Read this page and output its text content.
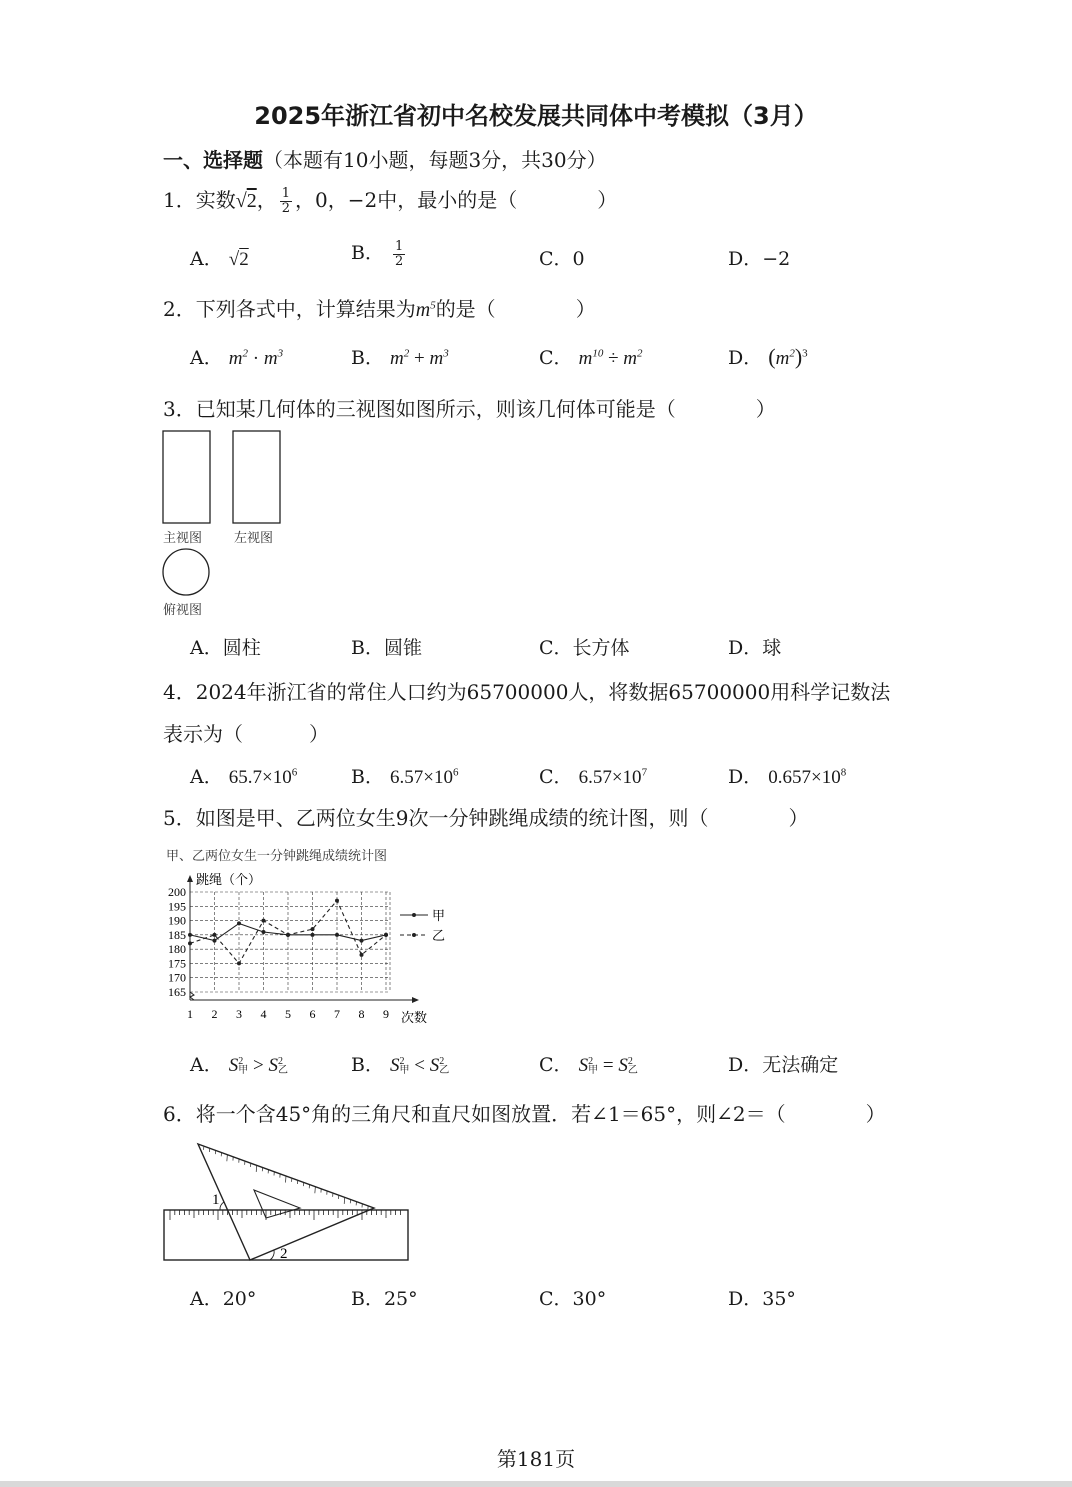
2025年浙江省初中名校发展共同体中考模拟（3月）
一、选择题（本题有10小题，每题3分，共30分）
1．实数√2， $\frac{1}{2}$ ，0，−2中，最小的是（	）
A． √2	B． $\frac{1}{2}$	C．0	D．−2
2．下列各式中，计算结果为$m^5$的是（	）
A． $m^2 \cdot m^3$	B． $m^2 + m^3$	C． $m^{10} \div m^2$	D． $(m^2)^3$
3．已知某几何体的三视图如图所示，则该几何体可能是（	）
主视图 左视图
俯视图
A．圆柱	B．圆锥	C．长方体	D．球
4．2024年浙江省的常住人口约为65700000人，将数据65700000用科学记数法
表示为（	）
A． $65.7\times 10^6$	B． $6.57\times 10^6$	C． $6.57\times 10^7$	D． $0.657\times 10^8$
5．如图是甲、乙两位女生9次一分钟跳绳成绩的统计图，则（	）
甲、乙两位女生一分钟跳绳成绩统计图
165
170
175
180
185
190
195
200
1 2 3 4 5 6 7 8 9
跳绳（个）
次数
甲
乙
A． S 2
甲 > S 2
乙	B． S 2
甲 < S 2
乙	C． S 2
甲 = S 2
乙	D．无法确定
6．将一个含45°角的三角尺和直尺如图放置．若∠1＝65°，则∠2＝（	）
1
2
A．20°	B．25°	C．30°	D．35°
第181页
